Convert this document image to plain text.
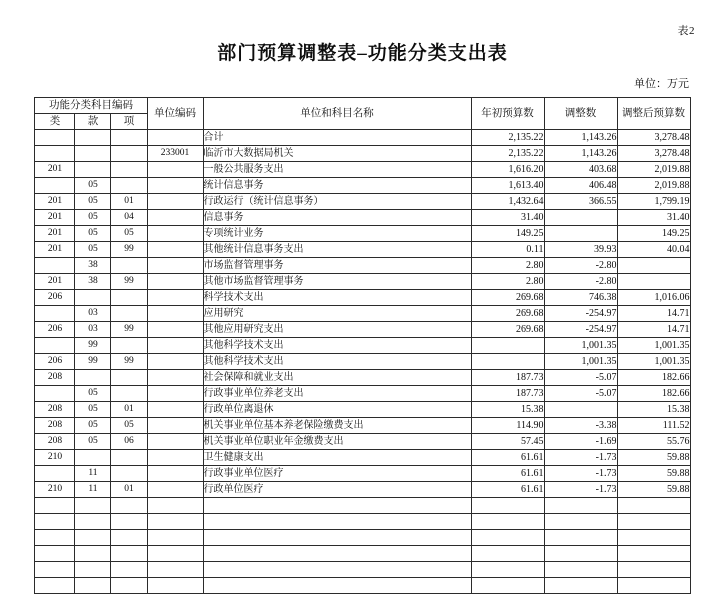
表2
部门预算调整表–功能分类支出表
单位：万元
功能分类科目编码			单位编码	单位和科目名称	年初预算数	调整数	调整后预算数
类	款	项					
				合计	2,135.22	1,143.26	3,278.48
			233001	临沂市大数据局机关	2,135.22	1,143.26	3,278.48
201				一般公共服务支出	1,616.20	403.68	2,019.88
	05			统计信息事务	1,613.40	406.48	2,019.88
201	05	01		行政运行（统计信息事务）	1,432.64	366.55	1,799.19
201	05	04		信息事务	31.40		31.40
201	05	05		专项统计业务	149.25		149.25
201	05	99		其他统计信息事务支出	0.11	39.93	40.04
	38			市场监督管理事务	2.80	-2.80	
201	38	99		其他市场监督管理事务	2.80	-2.80	
206				科学技术支出	269.68	746.38	1,016.06
	03			应用研究	269.68	-254.97	14.71
206	03	99		其他应用研究支出	269.68	-254.97	14.71
	99			其他科学技术支出		1,001.35	1,001.35
206	99	99		其他科学技术支出		1,001.35	1,001.35
208				社会保障和就业支出	187.73	-5.07	182.66
	05			行政事业单位养老支出	187.73	-5.07	182.66
208	05	01		行政单位离退休	15.38		15.38
208	05	05		机关事业单位基本养老保险缴费支出	114.90	-3.38	111.52
208	05	06		机关事业单位职业年金缴费支出	57.45	-1.69	55.76
210				卫生健康支出	61.61	-1.73	59.88
	11			行政事业单位医疗	61.61	-1.73	59.88
210	11	01		行政单位医疗	61.61	-1.73	59.88
